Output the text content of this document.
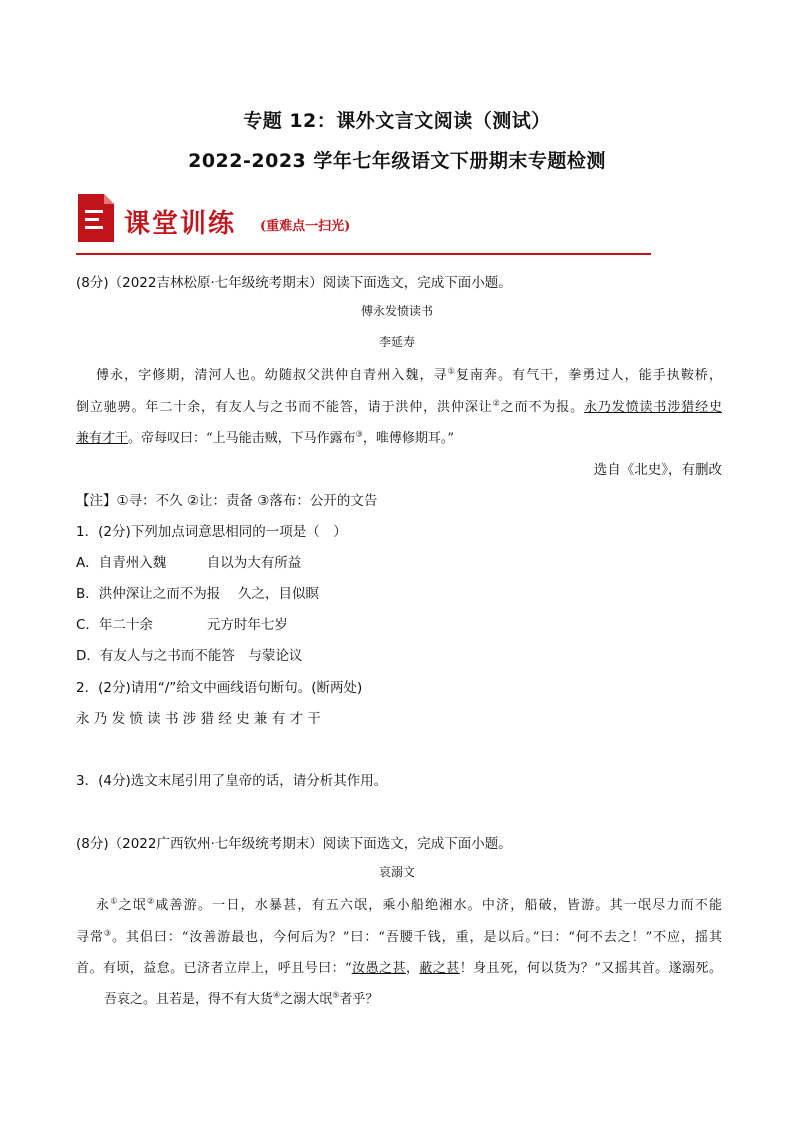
专题 12：课外文言文阅读（测试）
2022-2023 学年七年级语文下册期末专题检测
课堂训练 (重难点一扫光)
(8分)（2022吉林松原·七年级统考期末）阅读下面选文，完成下面小题。
傅永发愤读书
李延寿
傅永，字修期，清河人也。幼随叔父洪仲自青州入魏，寻①复南奔。有气干，拳勇过人，能手执鞍桥，
倒立驰骋。年二十余，有友人与之书而不能答，请于洪仲，洪仲深让②之而不为报。永乃发愤读书涉猎经史
兼有才干。帝每叹曰：“上马能击贼，下马作露布③，唯傅修期耳。”
选自《北史》，有删改
【注】①寻：不久 ②让：责备 ③落布：公开的文告
1．(2分)下列加点词意思相同的一项是（　）
A．自青州入魏　　　自以为大有所益
B．洪仲深让之而不为报　 久之，目似瞑
C．年二十余　　　　元方时年七岁
D．有友人与之书而不能答　与蒙论议
2．(2分)请用“/”给文中画线语句断句。(断两处)
永 乃 发 愤 读 书 涉 猎 经 史 兼 有 才 干
3．(4分)选文末尾引用了皇帝的话，请分析其作用。
(8分)（2022广西钦州·七年级统考期末）阅读下面选文，完成下面小题。
哀溺文
永①之氓②咸善游。一日，水暴甚，有五六氓，乘小船绝湘水。中济，船破，皆游。其一氓尽力而不能
寻常③。其侣曰：“汝善游最也，今何后为？”曰：“吾腰千钱，重，是以后。”曰：“何不去之！”不应，摇其
首。有顷，益怠。已济者立岸上，呼且号曰：“汝愚之甚，蔽之甚！身且死，何以货为？”又摇其首。遂溺死。
吾哀之。且若是，得不有大货④之溺大氓⑤者乎？
